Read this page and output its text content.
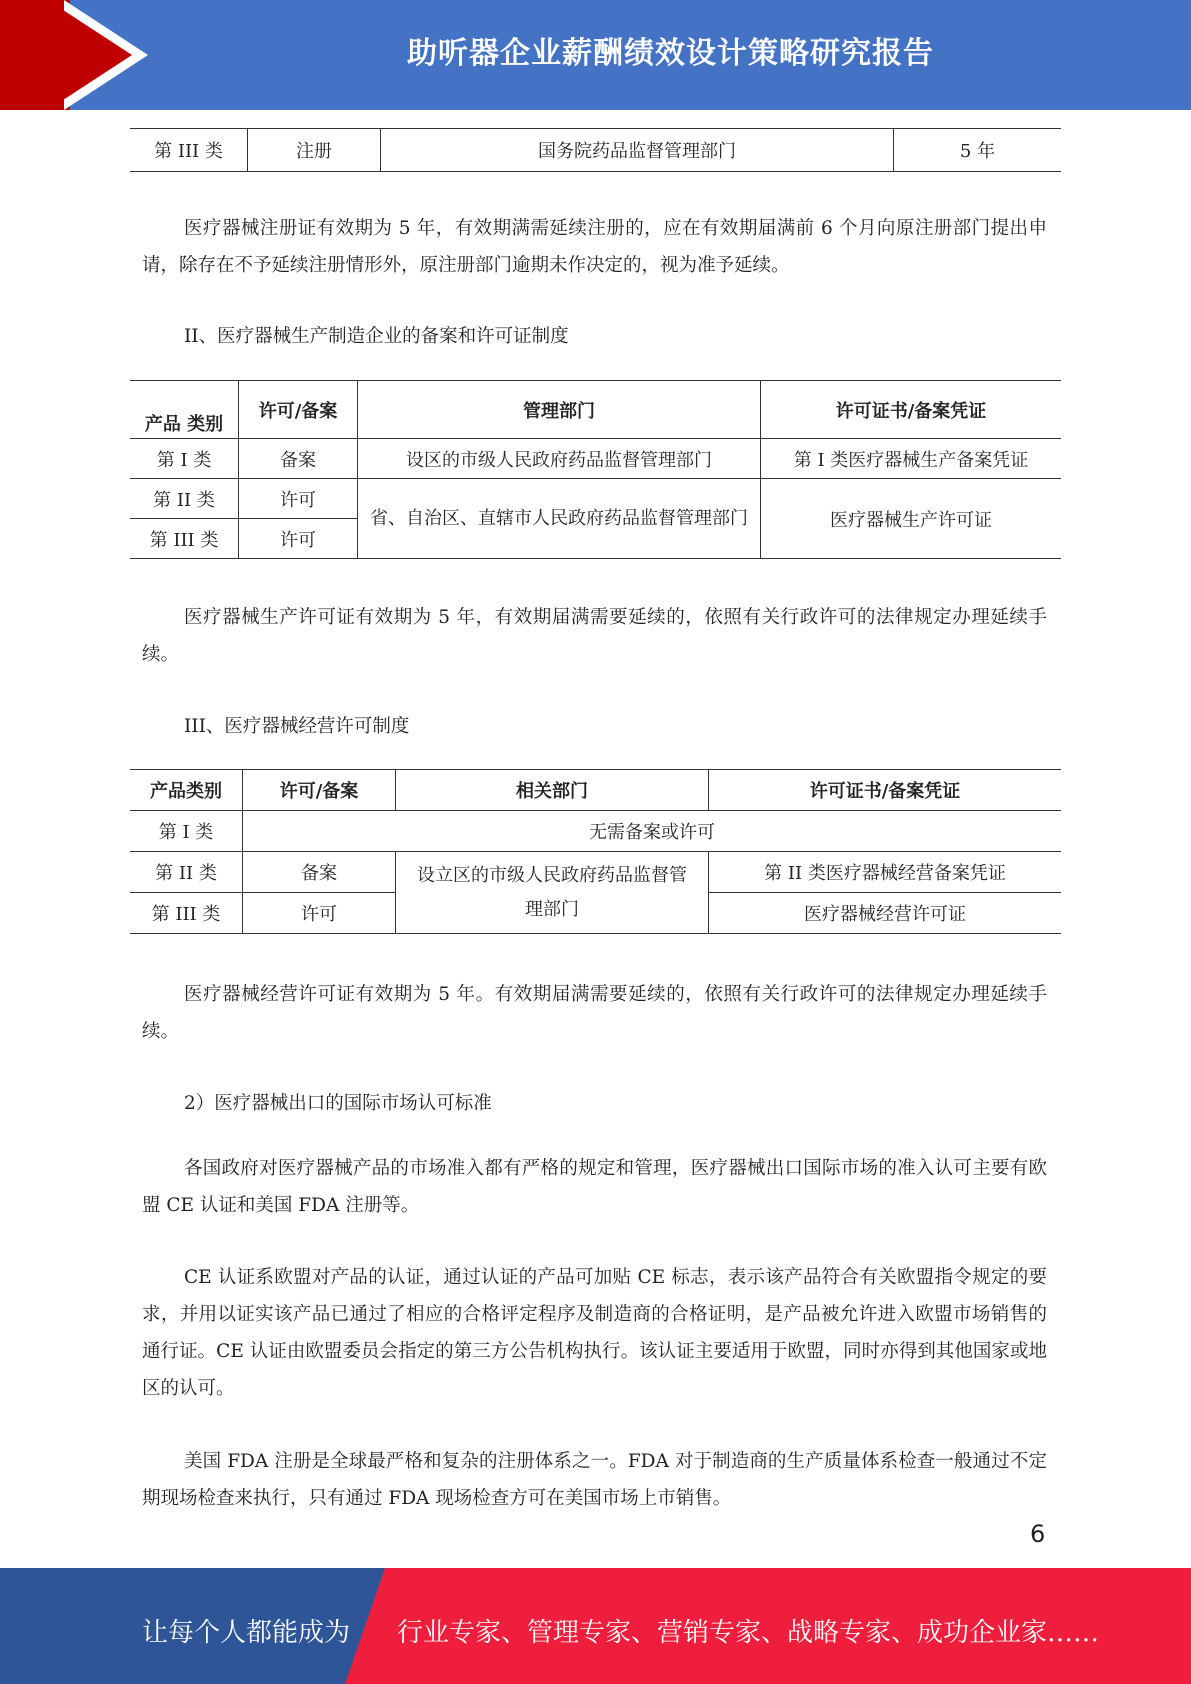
助听器企业薪酬绩效设计策略研究报告
第 III 类	注册	国务院药品监督管理部门	5 年

医疗器械注册证有效期为 5 年，有效期满需延续注册的，应在有效期届满前 6 个月向原注册部门提出申请，除存在不予延续注册情形外，原注册部门逾期未作决定的，视为准予延续。

II、医疗器械生产制造企业的备案和许可证制度

产品 类别	许可/备案	管理部门	许可证书/备案凭证
第 I 类	备案	设区的市级人民政府药品监督管理部门	第 I 类医疗器械生产备案凭证
第 II 类	许可	省、自治区、直辖市人民政府药品监督管理部门	医疗器械生产许可证
第 III 类	许可		

医疗器械生产许可证有效期为 5 年，有效期届满需要延续的，依照有关行政许可的法律规定办理延续手续。

III、医疗器械经营许可制度

产品类别	许可/备案	相关部门	许可证书/备案凭证
第 I 类	无需备案或许可		
第 II 类	备案	设立区的市级人民政府药品监督管理部门	第 II 类医疗器械经营备案凭证
第 III 类	许可		医疗器械经营许可证

医疗器械经营许可证有效期为 5 年。有效期届满需要延续的，依照有关行政许可的法律规定办理延续手续。

2）医疗器械出口的国际市场认可标准

各国政府对医疗器械产品的市场准入都有严格的规定和管理，医疗器械出口国际市场的准入认可主要有欧盟 CE 认证和美国 FDA 注册等。

CE 认证系欧盟对产品的认证，通过认证的产品可加贴 CE 标志，表示该产品符合有关欧盟指令规定的要求，并用以证实该产品已通过了相应的合格评定程序及制造商的合格证明，是产品被允许进入欧盟市场销售的通行证。CE 认证由欧盟委员会指定的第三方公告机构执行。该认证主要适用于欧盟，同时亦得到其他国家或地区的认可。

美国 FDA 注册是全球最严格和复杂的注册体系之一。FDA 对于制造商的生产质量体系检查一般通过不定期现场检查来执行，只有通过 FDA 现场检查方可在美国市场上市销售。

6
让每个人都能成为 行业专家、管理专家、营销专家、战略专家、成功企业家……
